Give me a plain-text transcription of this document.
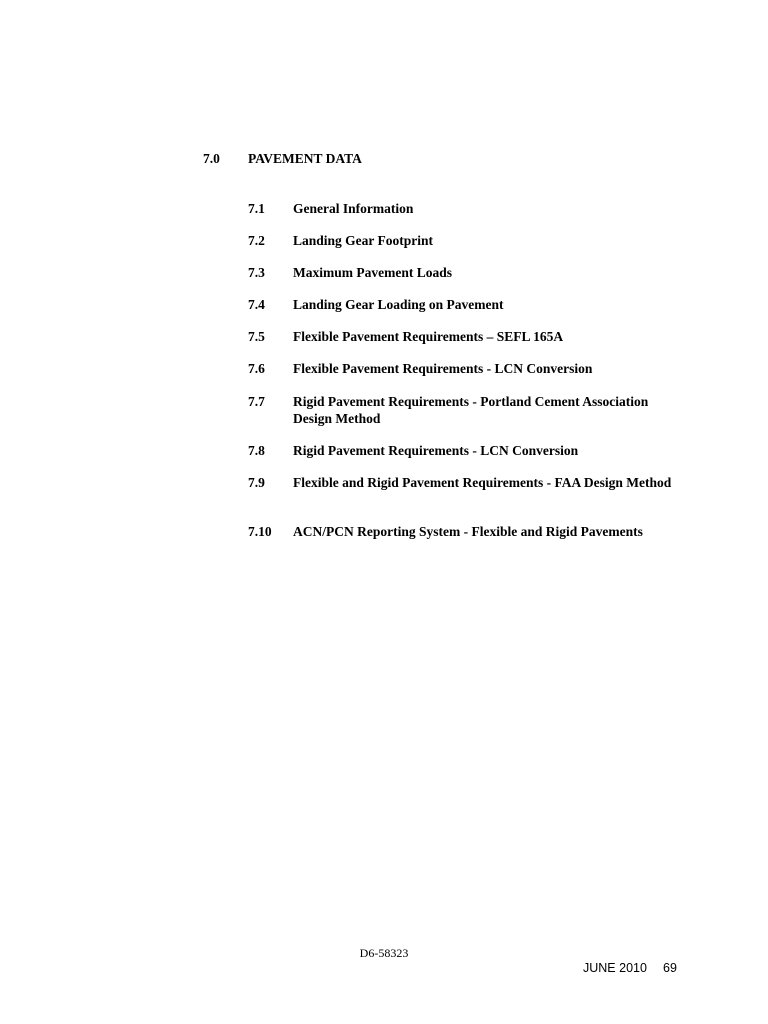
7.0 PAVEMENT DATA
7.1 General Information
7.2 Landing Gear Footprint
7.3 Maximum Pavement Loads
7.4 Landing Gear Loading on Pavement
7.5 Flexible Pavement Requirements – SEFL 165A
7.6 Flexible Pavement Requirements - LCN Conversion
7.7 Rigid Pavement Requirements - Portland Cement Association Design Method
7.8 Rigid Pavement Requirements - LCN Conversion
7.9 Flexible and Rigid Pavement Requirements - FAA Design Method
7.10 ACN/PCN Reporting System - Flexible and Rigid Pavements
D6-58323
JUNE 2010 69
